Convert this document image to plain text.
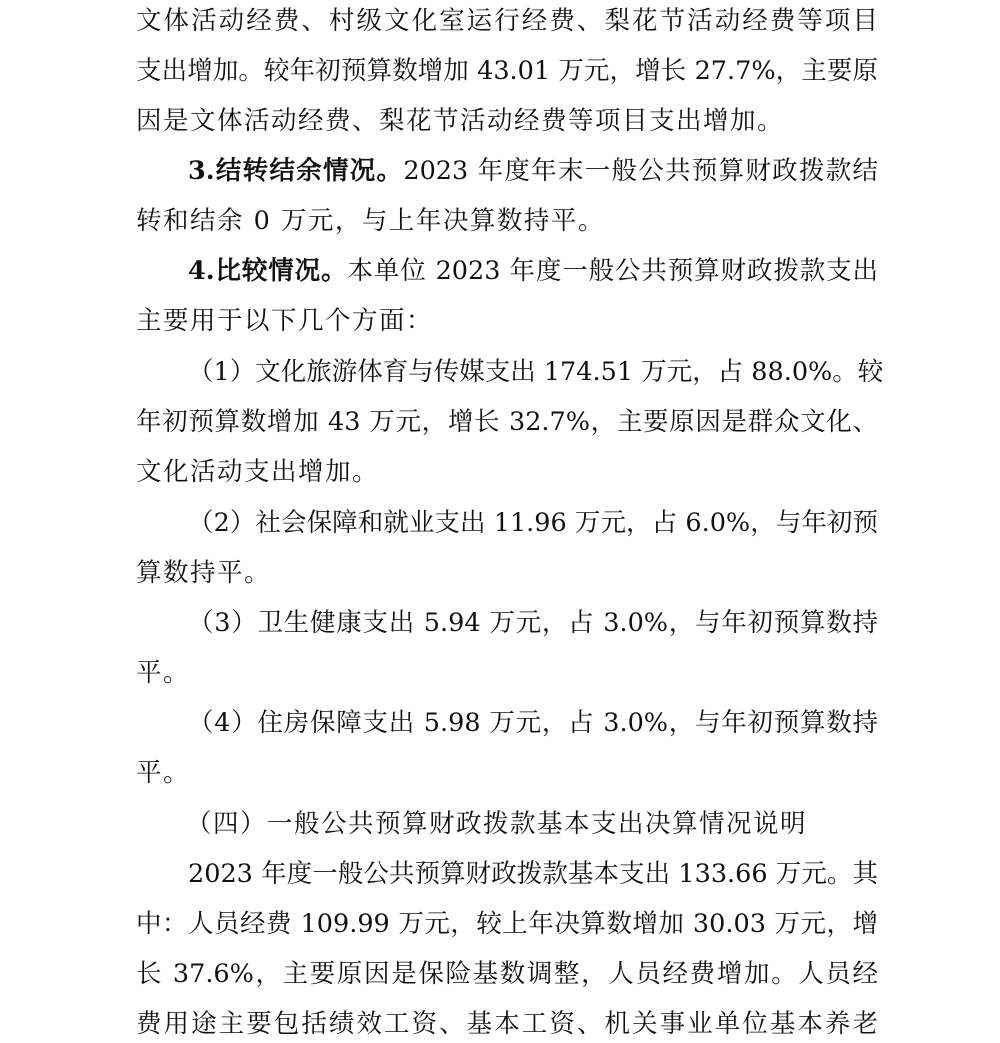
文体活动经费、村级文化室运行经费、梨花节活动经费等项目
支出增加。较年初预算数增加 43.01 万元，增长 27.7%，主要原
因是文体活动经费、梨花节活动经费等项目支出增加。
3.结转结余情况。2023 年度年末一般公共预算财政拨款结
转和结余 0 万元，与上年决算数持平。
4.比较情况。本单位 2023 年度一般公共预算财政拨款支出
主要用于以下几个方面：
（1）文化旅游体育与传媒支出 174.51 万元，占 88.0%。较
年初预算数增加 43 万元，增长 32.7%，主要原因是群众文化、
文化活动支出增加。
（2）社会保障和就业支出 11.96 万元，占 6.0%，与年初预
算数持平。
（3）卫生健康支出 5.94 万元，占 3.0%，与年初预算数持
平。
（4）住房保障支出 5.98 万元，占 3.0%，与年初预算数持
平。
（四）一般公共预算财政拨款基本支出决算情况说明
2023 年度一般公共预算财政拨款基本支出 133.66 万元。其
中：人员经费 109.99 万元，较上年决算数增加 30.03 万元，增
长 37.6%，主要原因是保险基数调整，人员经费增加。人员经
费用途主要包括绩效工资、基本工资、机关事业单位基本养老
